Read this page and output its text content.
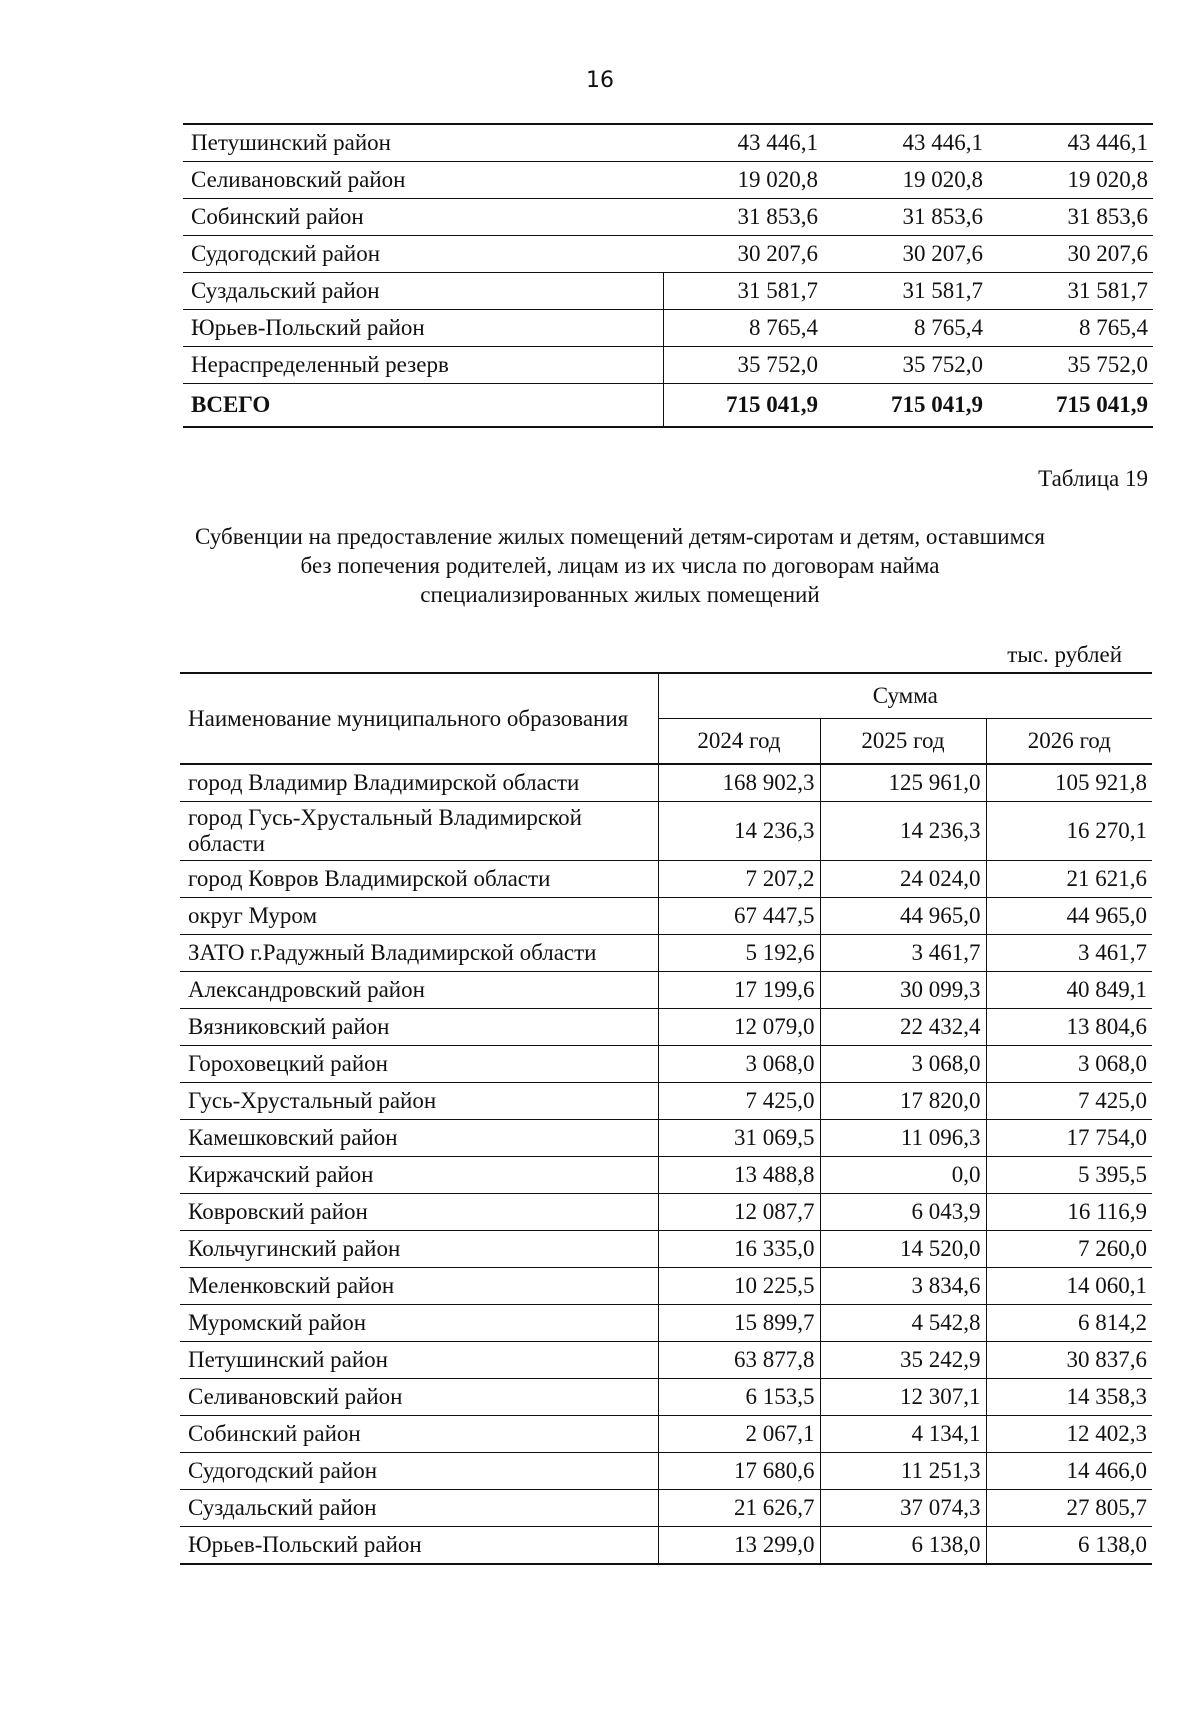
16
Петушинский район	43 446,1	43 446,1	43 446,1
Селивановский район	19 020,8	19 020,8	19 020,8
Собинский район	31 853,6	31 853,6	31 853,6
Судогодский район	30 207,6	30 207,6	30 207,6
Суздальский район	31 581,7	31 581,7	31 581,7
Юрьев-Польский район	8 765,4	8 765,4	8 765,4
Нераспределенный резерв	35 752,0	35 752,0	35 752,0
ВСЕГО	715 041,9	715 041,9	715 041,9
Таблица 19
Субвенции на предоставление жилых помещений детям-сиротам и детям, оставшимся
без попечения родителей, лицам из их числа по договорам найма
специализированных жилых помещений
тыс. рублей
Наименование муниципального образования	Сумма		
	2024 год	2025 год	2026 год
город Владимир Владимирской области	168 902,3	125 961,0	105 921,8
город Гусь-Хрустальный Владимирской области	14 236,3	14 236,3	16 270,1
город Ковров Владимирской области	7 207,2	24 024,0	21 621,6
округ Муром	67 447,5	44 965,0	44 965,0
ЗАТО г.Радужный Владимирской области	5 192,6	3 461,7	3 461,7
Александровский район	17 199,6	30 099,3	40 849,1
Вязниковский район	12 079,0	22 432,4	13 804,6
Гороховецкий район	3 068,0	3 068,0	3 068,0
Гусь-Хрустальный район	7 425,0	17 820,0	7 425,0
Камешковский район	31 069,5	11 096,3	17 754,0
Киржачский район	13 488,8	0,0	5 395,5
Ковровский район	12 087,7	6 043,9	16 116,9
Кольчугинский район	16 335,0	14 520,0	7 260,0
Меленковский район	10 225,5	3 834,6	14 060,1
Муромский район	15 899,7	4 542,8	6 814,2
Петушинский район	63 877,8	35 242,9	30 837,6
Селивановский район	6 153,5	12 307,1	14 358,3
Собинский район	2 067,1	4 134,1	12 402,3
Судогодский район	17 680,6	11 251,3	14 466,0
Суздальский район	21 626,7	37 074,3	27 805,7
Юрьев-Польский район	13 299,0	6 138,0	6 138,0
